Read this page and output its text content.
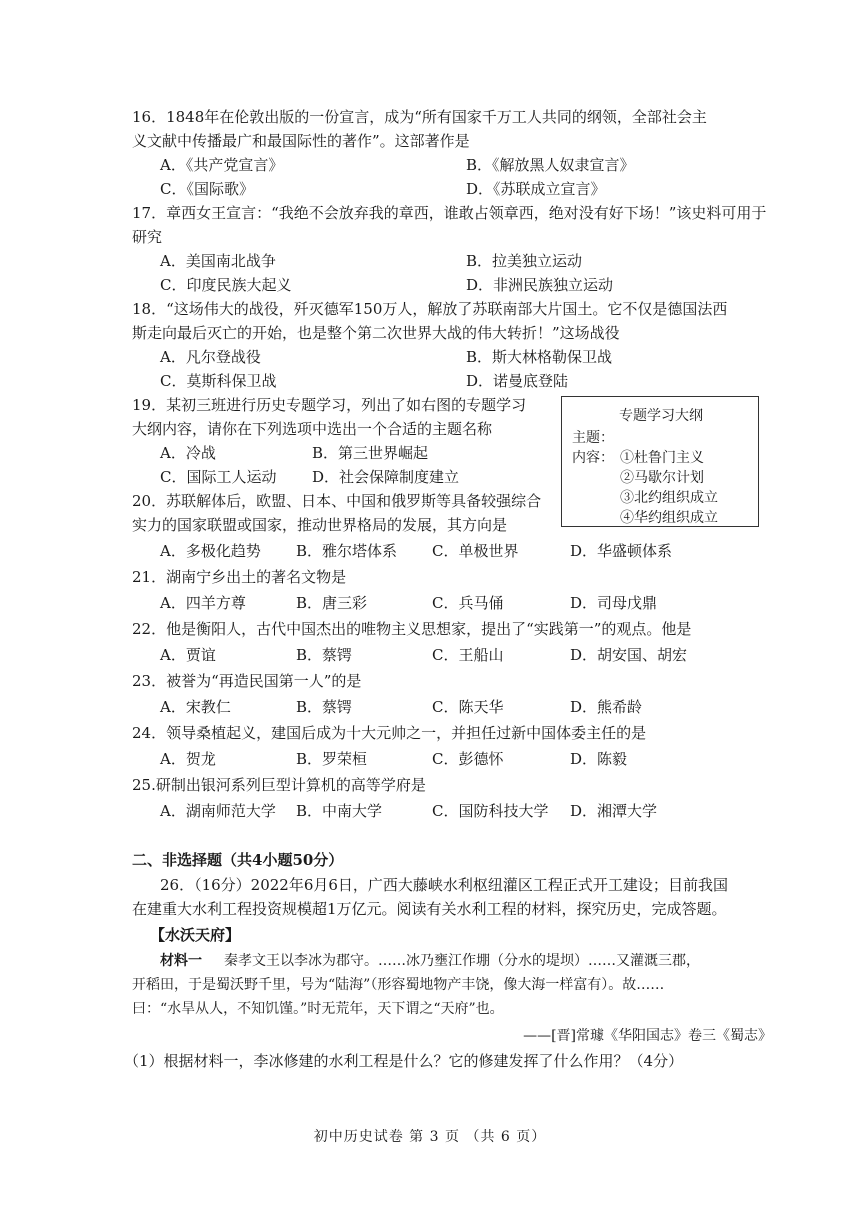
16．1848年在伦敦出版的一份宣言，成为“所有国家千万工人共同的纲领，全部社会主
义文献中传播最广和最国际性的著作”。这部著作是
A．《共产党宣言》	B．《解放黑人奴隶宣言》
C．《国际歌》	D．《苏联成立宣言》
17．章西女王宣言：“我绝不会放弃我的章西，谁敢占领章西，绝对没有好下场！”该史料可用于
研究
A．美国南北战争	B．拉美独立运动
C．印度民族大起义	D．非洲民族独立运动
18．“这场伟大的战役，歼灭德军150万人，解放了苏联南部大片国土。它不仅是德国法西
斯走向最后灭亡的开始，也是整个第二次世界大战的伟大转折！”这场战役
A．凡尔登战役	B．斯大林格勒保卫战
C．莫斯科保卫战	D．诺曼底登陆
19．某初三班进行历史专题学习，列出了如右图的专题学习
大纲内容，请你在下列选项中选出一个合适的主题名称
A．冷战	B．第三世界崛起
C．国际工人运动 D．社会保障制度建立
专题学习大纲
主题：
内容： ①杜鲁门主义
②马歇尔计划
③北约组织成立
④华约组织成立
20．苏联解体后，欧盟、日本、中国和俄罗斯等具备较强综合
实力的国家联盟或国家，推动世界格局的发展，其方向是
A．多极化趋势 B．雅尔塔体系 C．单极世界	D．华盛顿体系
21．湖南宁乡出土的著名文物是
A．四羊方尊	B．唐三彩	C．兵马俑	D．司母戊鼎
22．他是衡阳人，古代中国杰出的唯物主义思想家，提出了“实践第一”的观点。他是
A．贾谊	B．蔡锷	C．王船山	D．胡安国、胡宏
23．被誉为“再造民国第一人”的是
A．宋教仁	B．蔡锷	C．陈天华	D．熊希龄
24．领导桑植起义，建国后成为十大元帅之一，并担任过新中国体委主任的是
A．贺龙	B．罗荣桓	C．彭德怀	D．陈毅
25.研制出银河系列巨型计算机的高等学府是
A．湖南师范大学 B．中南大学	C．国防科技大学 D．湘潭大学
二、非选择题（共4小题50分）
26．（16分）2022年6月6日，广西大藤峡水利枢纽灌区工程正式开工建设；目前我国
在建重大水利工程投资规模超1万亿元。阅读有关水利工程的材料，探究历史，完成答题。
【水沃天府】
材料一	秦孝文王以李冰为郡守。……冰乃壅江作堋（分水的堤坝）……又灌溉三郡，
开稻田，于是蜀沃野千里，号为“陆海”（形容蜀地物产丰饶，像大海一样富有）。故……
曰：“水旱从人，不知饥馑。”时无荒年，天下谓之“天府”也。
——[晋]常璩《华阳国志》卷三《蜀志》
（1）根据材料一，李冰修建的水利工程是什么？它的修建发挥了什么作用？（4分）
初中历史试卷 第 3 页 （共 6 页）
